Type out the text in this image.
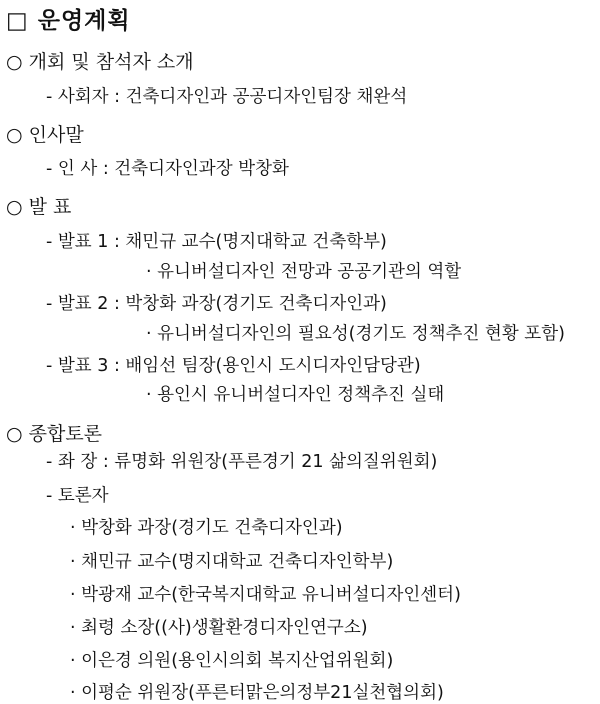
□ 운영계획
○ 개회 및 참석자 소개
- 사회자 : 건축디자인과 공공디자인팀장 채완석
○ 인사말
- 인 사 : 건축디자인과장 박창화
○ 발 표
- 발표 1 : 채민규 교수(명지대학교 건축학부)
· 유니버설디자인 전망과 공공기관의 역할
- 발표 2 : 박창화 과장(경기도 건축디자인과)
· 유니버설디자인의 필요성(경기도 정책추진 현황 포함)
- 발표 3 : 배임선 팀장(용인시 도시디자인담당관)
· 용인시 유니버설디자인 정책추진 실태
○ 종합토론
- 좌 장 : 류명화 위원장(푸른경기 21 삶의질위원회)
- 토론자
· 박창화 과장(경기도 건축디자인과)
· 채민규 교수(명지대학교 건축디자인학부)
· 박광재 교수(한국복지대학교 유니버설디자인센터)
· 최령 소장((사)생활환경디자인연구소)
· 이은경 의원(용인시의회 복지산업위원회)
· 이평순 위원장(푸른터맑은의정부21실천협의회)
